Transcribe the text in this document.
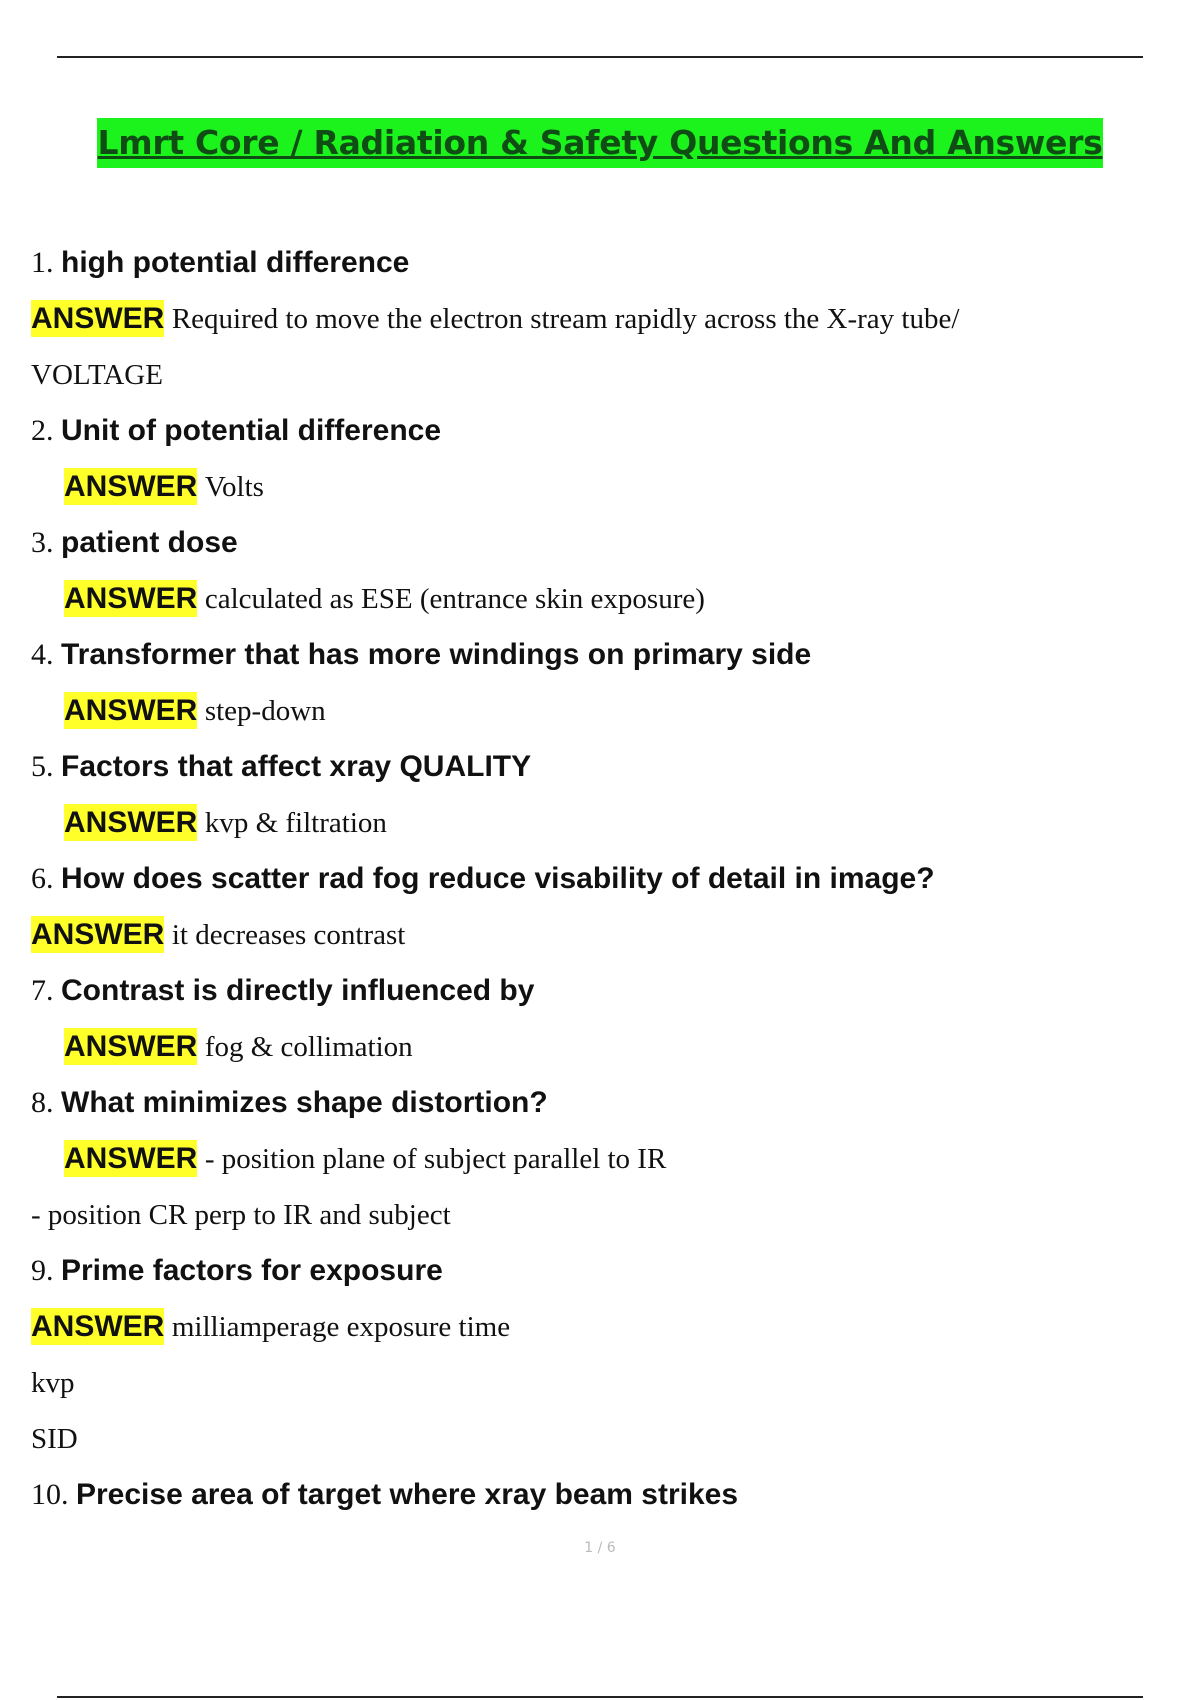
Lmrt Core / Radiation & Safety Questions And Answers
1. high potential difference
ANSWER Required to move the electron stream rapidly across the X-ray tube/
VOLTAGE
2. Unit of potential difference
ANSWER Volts
3. patient dose
ANSWER calculated as ESE (entrance skin exposure)
4. Transformer that has more windings on primary side
ANSWER step-down
5. Factors that affect xray QUALITY
ANSWER kvp & filtration
6. How does scatter rad fog reduce visability of detail in image?
ANSWER it decreases contrast
7. Contrast is directly influenced by
ANSWER fog & collimation
8. What minimizes shape distortion?
ANSWER - position plane of subject parallel to IR
- position CR perp to IR and subject
9. Prime factors for exposure
ANSWER milliamperage exposure time
kvp
SID
10. Precise area of target where xray beam strikes
1 / 6
